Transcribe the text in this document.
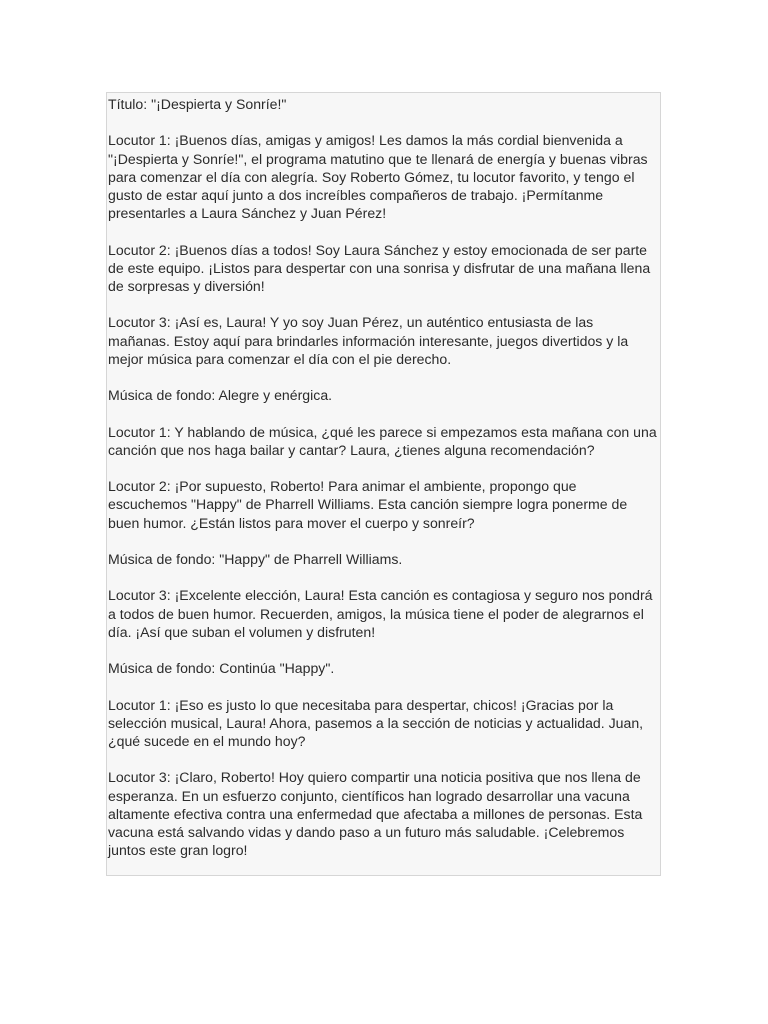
Título: "¡Despierta y Sonríe!"

Locutor 1: ¡Buenos días, amigas y amigos! Les damos la más cordial bienvenida a "¡Despierta y Sonríe!", el programa matutino que te llenará de energía y buenas vibras para comenzar el día con alegría. Soy Roberto Gómez, tu locutor favorito, y tengo el gusto de estar aquí junto a dos increíbles compañeros de trabajo. ¡Permítanme presentarles a Laura Sánchez y Juan Pérez!

Locutor 2: ¡Buenos días a todos! Soy Laura Sánchez y estoy emocionada de ser parte de este equipo. ¡Listos para despertar con una sonrisa y disfrutar de una mañana llena de sorpresas y diversión!

Locutor 3: ¡Así es, Laura! Y yo soy Juan Pérez, un auténtico entusiasta de las mañanas. Estoy aquí para brindarles información interesante, juegos divertidos y la mejor música para comenzar el día con el pie derecho.

Música de fondo: Alegre y enérgica.

Locutor 1: Y hablando de música, ¿qué les parece si empezamos esta mañana con una canción que nos haga bailar y cantar? Laura, ¿tienes alguna recomendación?

Locutor 2: ¡Por supuesto, Roberto! Para animar el ambiente, propongo que escuchemos "Happy" de Pharrell Williams. Esta canción siempre logra ponerme de buen humor. ¿Están listos para mover el cuerpo y sonreír?

Música de fondo: "Happy" de Pharrell Williams.

Locutor 3: ¡Excelente elección, Laura! Esta canción es contagiosa y seguro nos pondrá a todos de buen humor. Recuerden, amigos, la música tiene el poder de alegrarnos el día. ¡Así que suban el volumen y disfruten!

Música de fondo: Continúa "Happy".

Locutor 1: ¡Eso es justo lo que necesitaba para despertar, chicos! ¡Gracias por la selección musical, Laura! Ahora, pasemos a la sección de noticias y actualidad. Juan, ¿qué sucede en el mundo hoy?

Locutor 3: ¡Claro, Roberto! Hoy quiero compartir una noticia positiva que nos llena de esperanza. En un esfuerzo conjunto, científicos han logrado desarrollar una vacuna altamente efectiva contra una enfermedad que afectaba a millones de personas. Esta vacuna está salvando vidas y dando paso a un futuro más saludable. ¡Celebremos juntos este gran logro!
